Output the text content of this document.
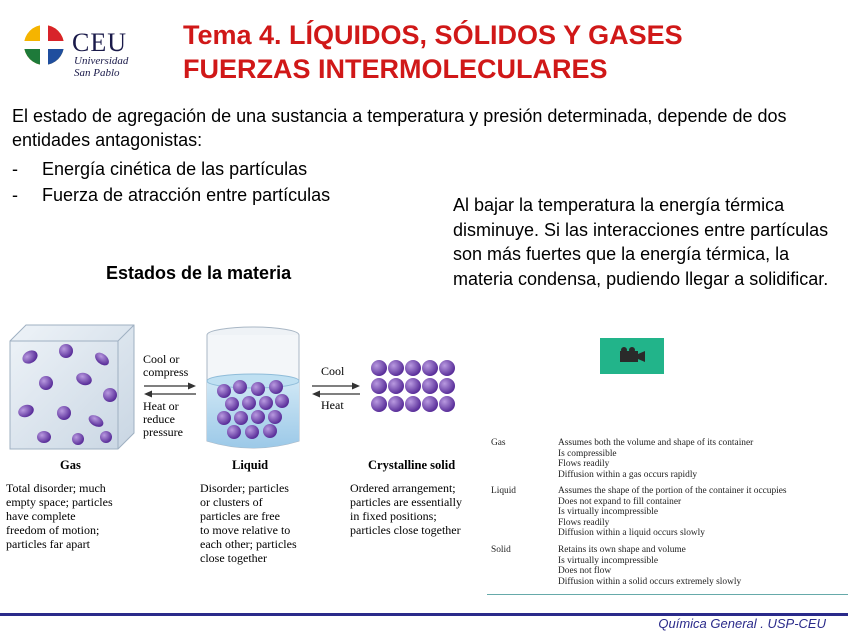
CEU
Universidad
San Pablo
Tema 4. LÍQUIDOS, SÓLIDOS Y GASES
FUERZAS INTERMOLECULARES
El estado de agregación de una sustancia a temperatura y presión determinada, depende de dos entidades antagonistas:
- Energía cinética de las partículas
- Fuerza de atracción entre partículas	Al bajar la temperatura la energía térmica disminuye. Si las interacciones entre partículas son más fuertes que la energía térmica, la materia condensa, pudiendo llegar a solidificar.
Estados de la materia
Cool or
compress
Heat or
reduce
pressure
Cool
Heat
Gas	Liquid	Crystalline solid
Total disorder; much
empty space; particles
have complete
freedom of motion;
particles far apart
Disorder; particles
or clusters of
particles are free
to move relative to
each other; particles
close together
Ordered arrangement;
particles are essentially
in fixed positions;
particles close together
Gas	Assumes both the volume and shape of its container
Is compressible
Flows readily
Diffusion within a gas occurs rapidly
Liquid	Assumes the shape of the portion of the container it occupies
Does not expand to fill container
Is virtually incompressible
Flows readily
Diffusion within a liquid occurs slowly
Solid	Retains its own shape and volume
Is virtually incompressible
Does not flow
Diffusion within a solid occurs extremely slowly
Química General . USP-CEU
